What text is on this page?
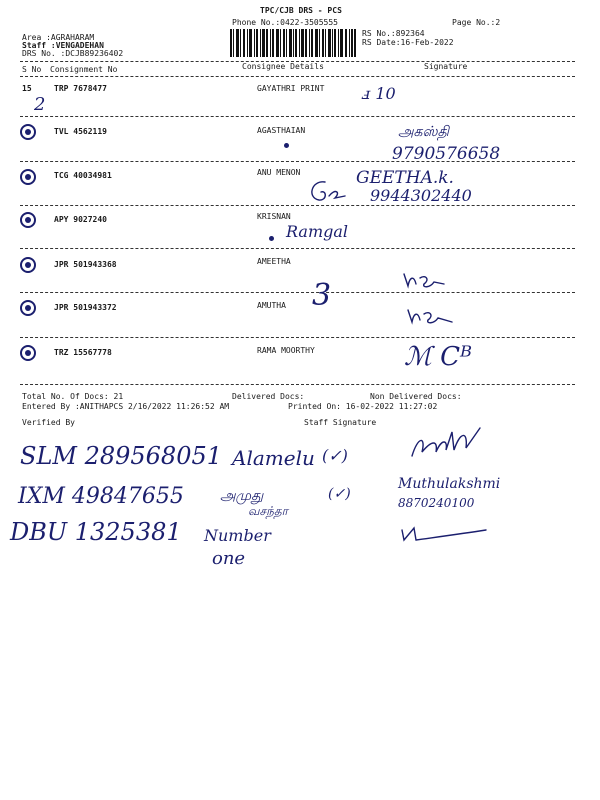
TPC/CJB DRS - PCS
Phone No.:0422-3505555	Page No.:2
Area :AGRAHARAM
Staff :VENGADEHAN
DRS No. :DCJB89236402
RS No.:892364
RS Date:16-Feb-2022
S No Consignment No	Consignee Details	Signature
15	TRP 7678477	GAYATHRI PRINT
TVL 4562119	AGASTHAIAN
TCG 40034981	ANU MENON
APY 9027240	KRISNAN
JPR 501943368	AMEETHA
JPR 501943372	AMUTHA
TRZ 15567778	RAMA MOORTHY
Total No. Of Docs: 21	Delivered Docs:	Non Delivered Docs:
Entered By :ANITHAPCS 2/16/2022 11:26:52 AM	Printed On: 16-02-2022 11:27:02
Verified By	Staff Signature
2
ⅎ 10
அகஸ்தி
9790576658
GEETHA.k.
9944302440
Ramgal
3
ℳ Cᴮ
SLM 289568051 Alamelu (✓)
IXM 49847655	அமுது
வசந்தா
(✓)
Muthulakshmi
8870240100
DBU 1325381 Number
one
